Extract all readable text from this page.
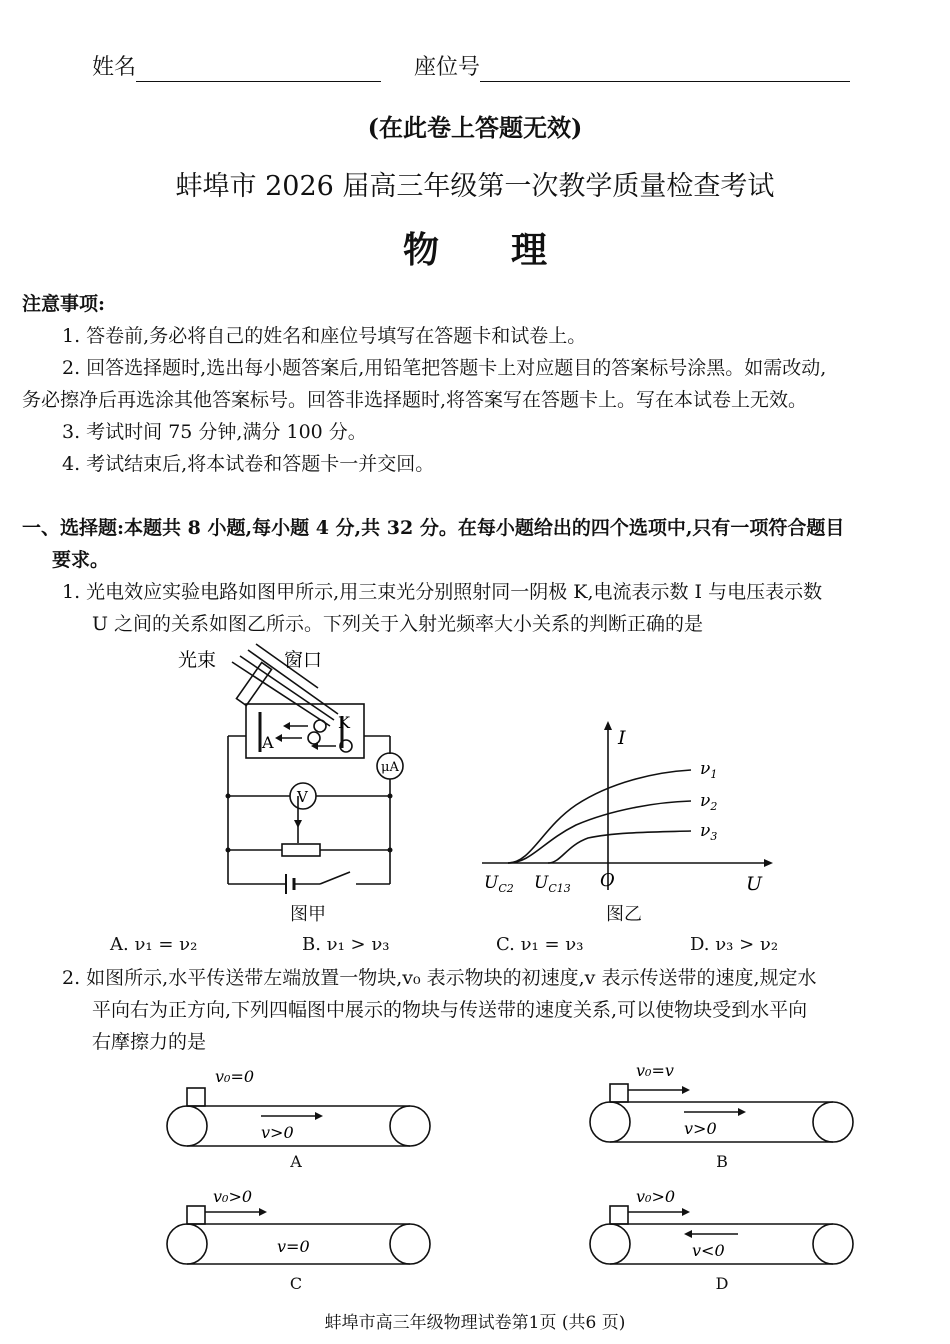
姓名	座位号
(在此卷上答题无效)
蚌埠市 2026 届高三年级第一次教学质量检查考试
物　　理
注意事项:
1. 答卷前,务必将自己的姓名和座位号填写在答题卡和试卷上。
2. 回答选择题时,选出每小题答案后,用铅笔把答题卡上对应题目的答案标号涂黑。如需改动,
务必擦净后再选涂其他答案标号。回答非选择题时,将答案写在答题卡上。写在本试卷上无效。
3. 考试时间 75 分钟,满分 100 分。
4. 考试结束后,将本试卷和答题卡一并交回。
一、选择题:本题共 8 小题,每小题 4 分,共 32 分。在每小题给出的四个选项中,只有一项符合题目
要求。
1. 光电效应实验电路如图甲所示,用三束光分别照射同一阴极 K,电流表示数 I 与电压表示数
U 之间的关系如图乙所示。下列关于入射光频率大小关系的判断正确的是
光束	窗口
K
A
μA
V
图甲
I
U
O
$U_{C2}$ $U_{C13}$
$\nu_1$
$\nu_2$
$\nu_3$
图乙
A. ν₁ = ν₂	B. ν₁ > ν₃	C. ν₁ = ν₃	D. ν₃ > ν₂
2. 如图所示,水平传送带左端放置一物块,v₀ 表示物块的初速度,v 表示传送带的速度,规定水
平向右为正方向,下列四幅图中展示的物块与传送带的速度关系,可以使物块受到水平向
右摩擦力的是
v₀=0
v>0
A
v₀=v
v>0
B
v₀>0
v=0
C
v₀>0
v<0
D
蚌埠市高三年级物理试卷第1页 (共6 页)
